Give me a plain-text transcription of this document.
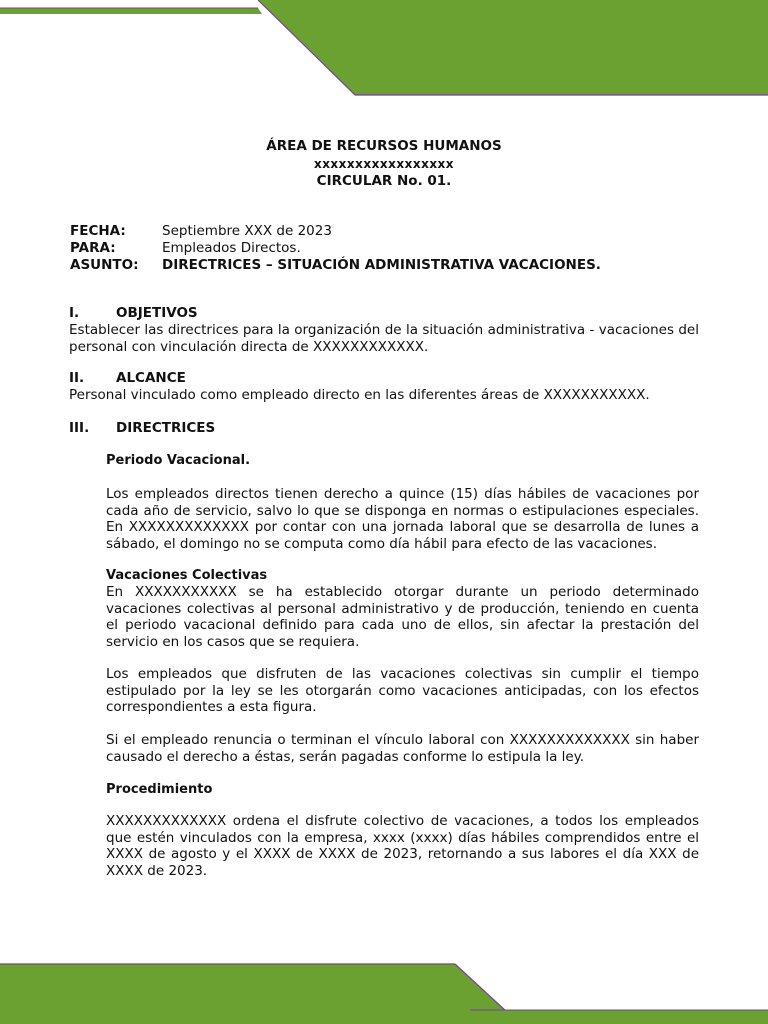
ÁREA DE RECURSOS HUMANOS
xxxxxxxxxxxxxxxxx
CIRCULAR No. 01.
FECHA:	Septiembre XXX de 2023
PARA:	Empleados Directos.
ASUNTO: DIRECTRICES – SITUACIÓN ADMINISTRATIVA VACACIONES.
I.	OBJETIVOS

Establecer las directrices para la organización de la situación administrativa - vacaciones del personal con vinculación directa de XXXXXXXXXXXX.

II. ALCANCE

Personal vinculado como empleado directo en las diferentes áreas de XXXXXXXXXXX.

III. DIRECTRICES
Periodo Vacacional.

Los empleados directos tienen derecho a quince (15) días hábiles de vacaciones por cada año de servicio, salvo lo que se disponga en normas o estipulaciones especiales. En XXXXXXXXXXXXX por contar con una jornada laboral que se desarrolla de lunes a sábado, el domingo no se computa como día hábil para efecto de las vacaciones.

Vacaciones Colectivas

En XXXXXXXXXXX se ha establecido otorgar durante un periodo determinado vacaciones colectivas al personal administrativo y de producción, teniendo en cuenta el periodo vacacional definido para cada uno de ellos, sin afectar la prestación del servicio en los casos que se requiera.

Los empleados que disfruten de las vacaciones colectivas sin cumplir el tiempo estipulado por la ley se les otorgarán como vacaciones anticipadas, con los efectos correspondientes a esta figura.

Si el empleado renuncia o terminan el vínculo laboral con XXXXXXXXXXXXX sin haber causado el derecho a éstas, serán pagadas conforme lo estipula la ley.

Procedimiento

XXXXXXXXXXXXX ordena el disfrute colectivo de vacaciones, a todos los empleados que estén vinculados con la empresa, xxxx (xxxx) días hábiles comprendidos entre el XXXX de agosto y el XXXX de XXXX de 2023, retornando a sus labores el día XXX de XXXX de 2023.
